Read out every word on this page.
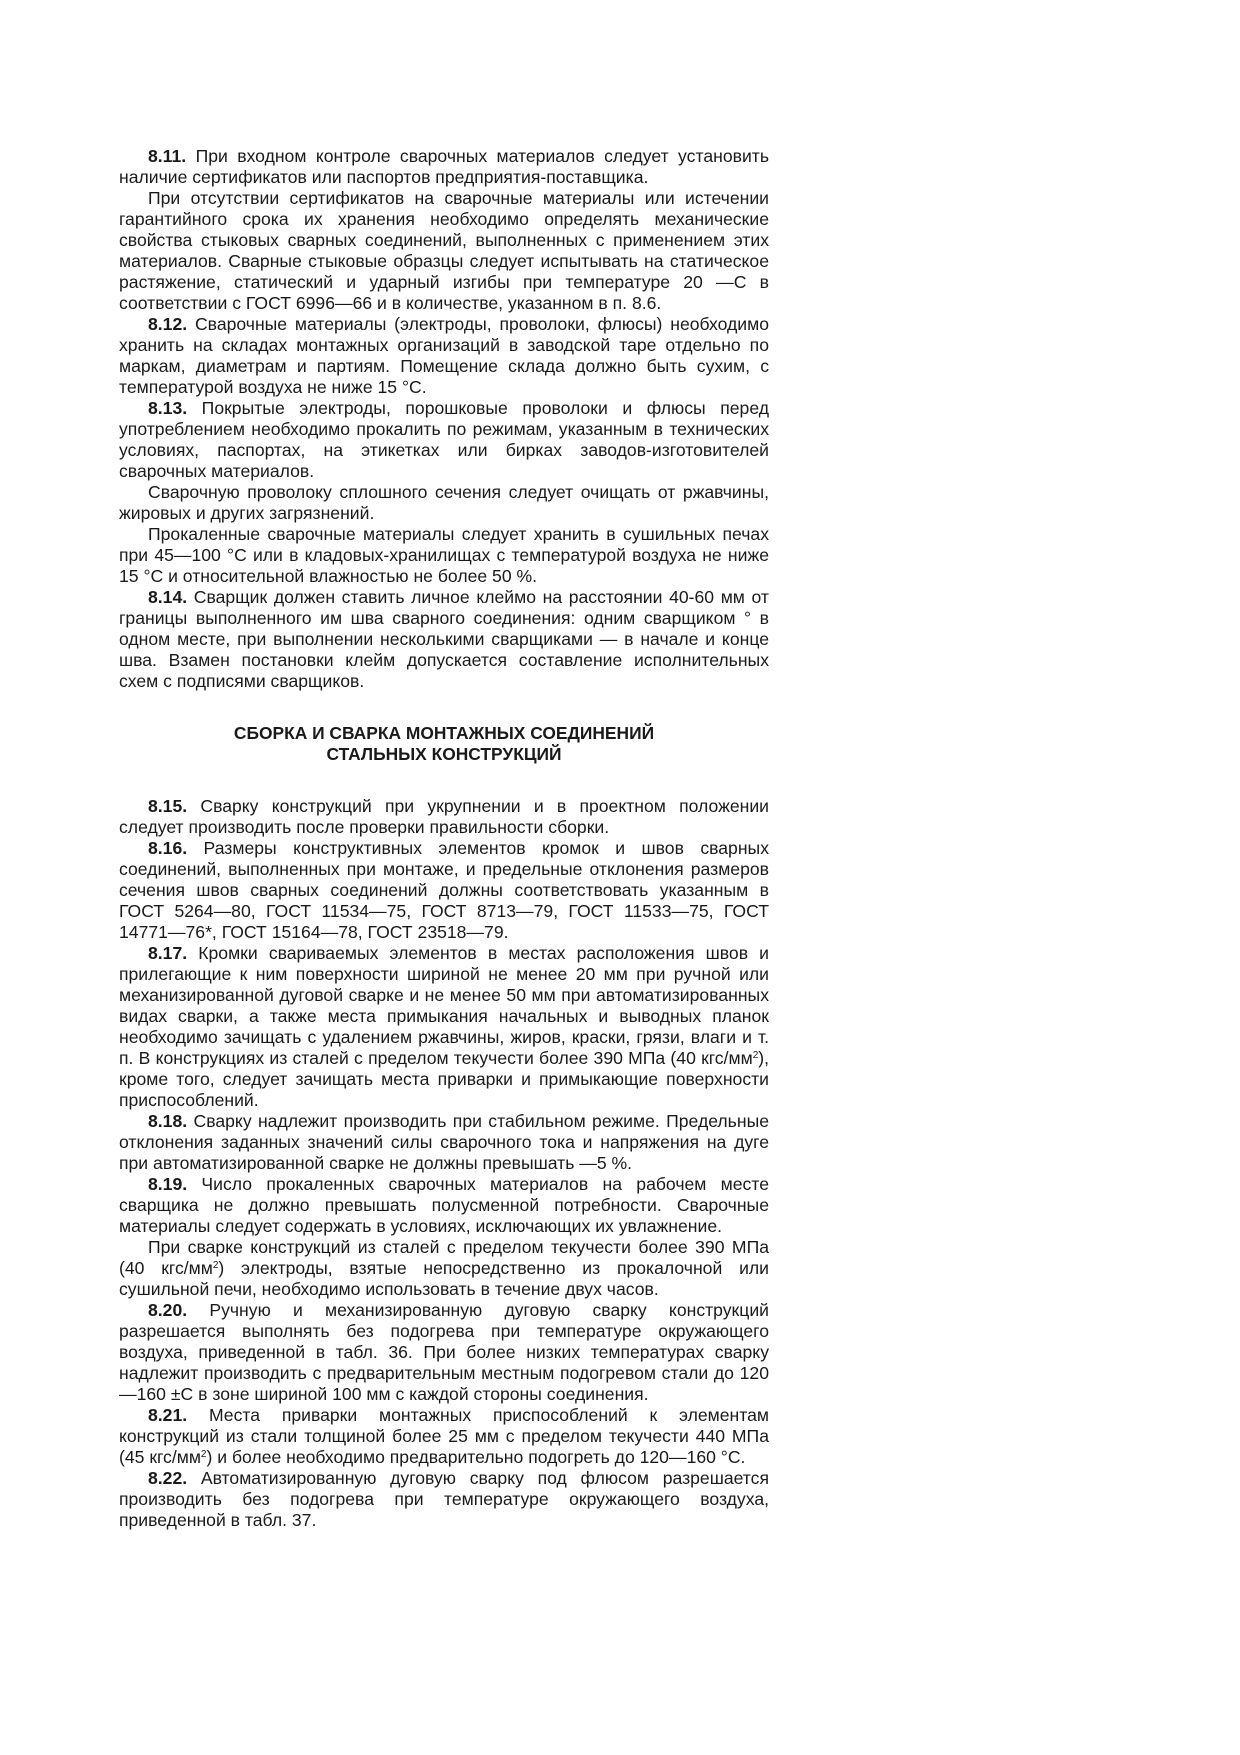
8.11. При входном контроле сварочных материалов следует установить наличие сертификатов или паспортов предприятия-поставщика.

При отсутствии сертификатов на сварочные материалы или истечении гарантийного срока их хранения необходимо определять механические свойства стыковых сварных соединений, выполненных с применением этих материалов. Сварные стыковые образцы следует испытывать на статическое растяжение, статический и ударный изгибы при температуре 20 —С в соответствии с ГОСТ 6996—66 и в количестве, указанном в п. 8.6.

8.12. Сварочные материалы (электроды, проволоки, флюсы) необходимо хранить на складах монтажных организаций в заводской таре отдельно по маркам, диаметрам и партиям. Помещение склада должно быть сухим, с температурой воздуха не ниже 15 °С.

8.13. Покрытые электроды, порошковые проволоки и флюсы перед употреблением необходимо прокалить по режимам, указанным в технических условиях, паспортах, на этикетках или бирках заводов-изготовителей сварочных материалов.

Сварочную проволоку сплошного сечения следует очищать от ржавчины, жировых и других загрязнений.

Прокаленные сварочные материалы следует хранить в сушильных печах при 45—100 °С или в кладовых-хранилищах с температурой воздуха не ниже 15 °С и относительной влажностью не более 50 %.

8.14. Сварщик должен ставить личное клеймо на расстоянии 40-60 мм от границы выполненного им шва сварного соединения: одним сварщиком ° в одном месте, при выполнении несколькими сварщиками — в начале и конце шва. Взамен постановки клейм допускается составление исполнительных схем с подписями сварщиков.

СБОРКА И СВАРКА МОНТАЖНЫХ СОЕДИНЕНИЙ
СТАЛЬНЫХ КОНСТРУКЦИЙ

8.15. Сварку конструкций при укрупнении и в проектном положении следует производить после проверки правильности сборки.

8.16. Размеры конструктивных элементов кромок и швов сварных соединений, выполненных при монтаже, и предельные отклонения размеров сечения швов сварных соединений должны соответствовать указанным в ГОСТ 5264—80, ГОСТ 11534—75, ГОСТ 8713—79, ГОСТ 11533—75, ГОСТ 14771—76*, ГОСТ 15164—78, ГОСТ 23518—79.

8.17. Кромки свариваемых элементов в местах расположения швов и прилегающие к ним поверхности шириной не менее 20 мм при ручной или механизированной дуговой сварке и не менее 50 мм при автоматизированных видах сварки, а также места примыкания начальных и выводных планок необходимо зачищать с удалением ржавчины, жиров, краски, грязи, влаги и т. п. В конструкциях из сталей с пределом текучести более 390 МПа (40 кгс/$мм^2$), кроме того, следует зачищать места приварки и примыкающие поверхности приспособлений.

8.18. Сварку надлежит производить при стабильном режиме. Предельные отклонения заданных значений силы сварочного тока и напряжения на дуге при автоматизированной сварке не должны превышать —5 %.

8.19. Число прокаленных сварочных материалов на рабочем месте сварщика не должно превышать полусменной потребности. Сварочные материалы следует содержать в условиях, исключающих их увлажнение.

При сварке конструкций из сталей с пределом текучести более 390 МПа (40 кгс/$мм^2$) электроды, взятые непосредственно из прокалочной или сушильной печи, необходимо использовать в течение двух часов.

8.20. Ручную и механизированную дуговую сварку конструкций разрешается выполнять без подогрева при температуре окружающего воздуха, приведенной в табл. 36. При более низких температурах сварку надлежит производить с предварительным местным подогревом стали до 120—160 ±С в зоне шириной 100 мм с каждой стороны соединения.

8.21. Места приварки монтажных приспособлений к элементам конструкций из стали толщиной более 25 мм с пределом текучести 440 МПа (45 кгс/$мм^2$) и более необходимо предварительно подогреть до 120—160 °С.

8.22. Автоматизированную дуговую сварку под флюсом разрешается производить без подогрева при температуре окружающего воздуха, приведенной в табл. 37.
